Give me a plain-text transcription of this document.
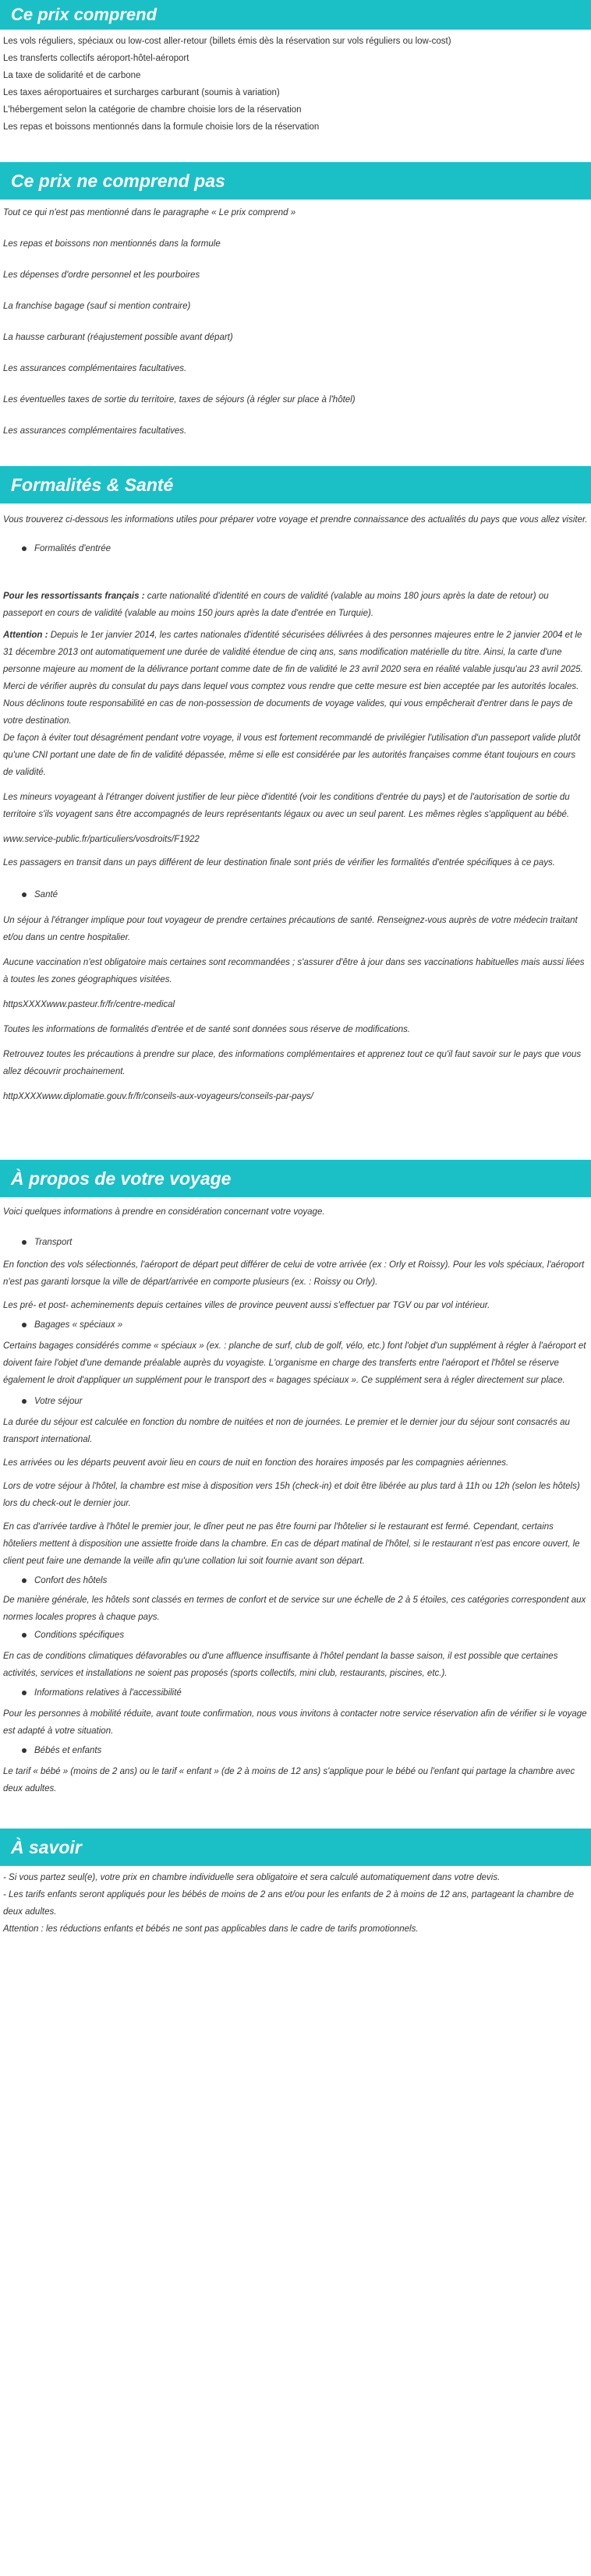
Ce prix comprend

Les vols réguliers, spéciaux ou low-cost aller-retour (billets émis dès la réservation sur vols réguliers ou low-cost)

Les transferts collectifs aéroport-hôtel-aéroport

La taxe de solidarité et de carbone

Les taxes aéroportuaires et surcharges carburant (soumis à variation)

L'hébergement selon la catégorie de chambre choisie lors de la réservation

Les repas et boissons mentionnés dans la formule choisie lors de la réservation

Ce prix ne comprend pas

Tout ce qui n'est pas mentionné dans le paragraphe « Le prix comprend »

Les repas et boissons non mentionnés dans la formule

Les dépenses d'ordre personnel et les pourboires

La franchise bagage (sauf si mention contraire)

La hausse carburant (réajustement possible avant départ)

Les assurances complémentaires facultatives.

Les éventuelles taxes de sortie du territoire, taxes de séjours (à régler sur place à l'hôtel)

Les assurances complémentaires facultatives.

Formalités & Santé

Vous trouverez ci-dessous les informations utiles pour préparer votre voyage et prendre connaissance des actualités du pays que vous allez visiter.

Formalités d'entrée

Pour les ressortissants français : carte nationalité d'identité en cours de validité (valable au moins 180 jours après la date de retour) ou passeport en cours de validité (valable au moins 150 jours après la date d'entrée en Turquie).

Attention : Depuis le 1er janvier 2014, les cartes nationales d'identité sécurisées délivrées à des personnes majeures entre le 2 janvier 2004 et le 31 décembre 2013 ont automatiquement une durée de validité étendue de cinq ans, sans modification matérielle du titre. Ainsi, la carte d'une personne majeure au moment de la délivrance portant comme date de fin de validité le 23 avril 2020 sera en réalité valable jusqu'au 23 avril 2025.

Merci de vérifier auprès du consulat du pays dans lequel vous comptez vous rendre que cette mesure est bien acceptée par les autorités locales.

Nous déclinons toute responsabilité en cas de non-possession de documents de voyage valides, qui vous empêcherait d'entrer dans le pays de votre destination.

De façon à éviter tout désagrément pendant votre voyage, il vous est fortement recommandé de privilégier l'utilisation d'un passeport valide plutôt qu'une CNI portant une date de fin de validité dépassée, même si elle est considérée par les autorités françaises comme étant toujours en cours de validité.

Les mineurs voyageant à l'étranger doivent justifier de leur pièce d'identité (voir les conditions d'entrée du pays) et de l'autorisation de sortie du territoire s'ils voyagent sans être accompagnés de leurs représentants légaux ou avec un seul parent. Les mêmes règles s'appliquent au bébé.

www.service-public.fr/particuliers/vosdroits/F1922

Les passagers en transit dans un pays différent de leur destination finale sont priés de vérifier les formalités d'entrée spécifiques à ce pays.

Santé

Un séjour à l'étranger implique pour tout voyageur de prendre certaines précautions de santé. Renseignez-vous auprès de votre médecin traitant et/ou dans un centre hospitalier.

Aucune vaccination n'est obligatoire mais certaines sont recommandées ; s'assurer d'être à jour dans ses vaccinations habituelles mais aussi liées à toutes les zones géographiques visitées.

httpsXXXXwww.pasteur.fr/fr/centre-medical

Toutes les informations de formalités d'entrée et de santé sont données sous réserve de modifications.

Retrouvez toutes les précautions à prendre sur place, des informations complémentaires et apprenez tout ce qu'il faut savoir sur le pays que vous allez découvrir prochainement.

httpXXXXwww.diplomatie.gouv.fr/fr/conseils-aux-voyageurs/conseils-par-pays/

À propos de votre voyage

Voici quelques informations à prendre en considération concernant votre voyage.

Transport

En fonction des vols sélectionnés, l'aéroport de départ peut différer de celui de votre arrivée (ex : Orly et Roissy). Pour les vols spéciaux, l'aéroport n'est pas garanti lorsque la ville de départ/arrivée en comporte plusieurs (ex. : Roissy ou Orly).

Les pré- et post- acheminements depuis certaines villes de province peuvent aussi s'effectuer par TGV ou par vol intérieur.

Bagages « spéciaux »

Certains bagages considérés comme « spéciaux » (ex. : planche de surf, club de golf, vélo, etc.) font l'objet d'un supplément à régler à l'aéroport et doivent faire l'objet d'une demande préalable auprès du voyagiste. L'organisme en charge des transferts entre l'aéroport et l'hôtel se réserve également le droit d'appliquer un supplément pour le transport des « bagages spéciaux ». Ce supplément sera à régler directement sur place.

Votre séjour

La durée du séjour est calculée en fonction du nombre de nuitées et non de journées. Le premier et le dernier jour du séjour sont consacrés au transport international.

Les arrivées ou les départs peuvent avoir lieu en cours de nuit en fonction des horaires imposés par les compagnies aériennes.

Lors de votre séjour à l'hôtel, la chambre est mise à disposition vers 15h (check-in) et doit être libérée au plus tard à 11h ou 12h (selon les hôtels) lors du check-out le dernier jour.

En cas d'arrivée tardive à l'hôtel le premier jour, le dîner peut ne pas être fourni par l'hôtelier si le restaurant est fermé. Cependant, certains hôteliers mettent à disposition une assiette froide dans la chambre. En cas de départ matinal de l'hôtel, si le restaurant n'est pas encore ouvert, le client peut faire une demande la veille afin qu'une collation lui soit fournie avant son départ.

Confort des hôtels

De manière générale, les hôtels sont classés en termes de confort et de service sur une échelle de 2 à 5 étoiles, ces catégories correspondent aux normes locales propres à chaque pays.

Conditions spécifiques

En cas de conditions climatiques défavorables ou d'une affluence insuffisante à l'hôtel pendant la basse saison, il est possible que certaines activités, services et installations ne soient pas proposés (sports collectifs, mini club, restaurants, piscines, etc.).

Informations relatives à l'accessibilité

Pour les personnes à mobilité réduite, avant toute confirmation, nous vous invitons à contacter notre service réservation afin de vérifier si le voyage est adapté à votre situation.

Bébés et enfants

Le tarif « bébé » (moins de 2 ans) ou le tarif « enfant » (de 2 à moins de 12 ans) s'applique pour le bébé ou l'enfant qui partage la chambre avec deux adultes.

À savoir

- Si vous partez seul(e), votre prix en chambre individuelle sera obligatoire et sera calculé automatiquement dans votre devis.

- Les tarifs enfants seront appliqués pour les bébés de moins de 2 ans et/ou pour les enfants de 2 à moins de 12 ans, partageant la chambre de deux adultes.

Attention : les réductions enfants et bébés ne sont pas applicables dans le cadre de tarifs promotionnels.
